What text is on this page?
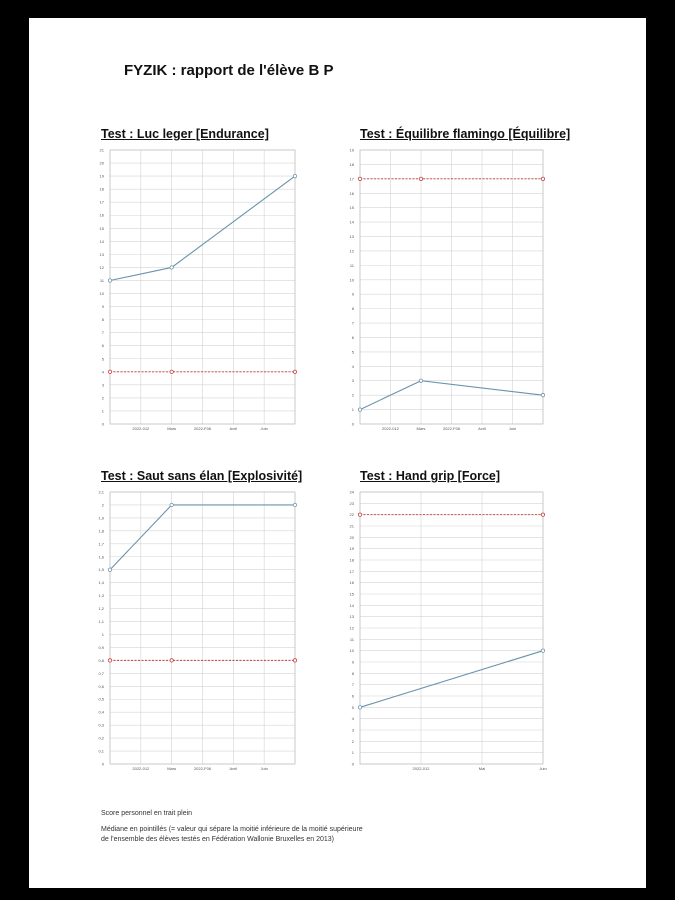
FYZIK : rapport de l'élève B P
Test : Luc leger [Endurance]	Test : Équilibre flamingo [Équilibre]
Test : Saut sans élan [Explosivité]	Test : Hand grip [Force]
0
1
2
3
4
5
6
7
8
9
10
11
12
13
14
15
16
17
18
19
20
21
2022-012	Mars	2022-F06	Avril	Juin
0
1
2
3
4
5
6
7
8
9
10
11
12
13
14
15
16
17
18
19
2022-012	Mars	2022-F06	Avril	Juin
0
0,1
0,2
0,3
0,4
0,5
0,6
0,7
0,8
0,9
1
1,1
1,2
1,3
1,4
1,5
1,6
1,7
1,8
1,9
2
2,1
2022-012	Mars	2022-F06	Avril	Juin
0
1
2
3
4
5
6
7
8
9
10
11
12
13
14
15
16
17
18
19
20
21
22
23
24
2022-012	Mai	Juin
Score personnel en trait plein
Médiane en pointillés (= valeur qui sépare la moitié inférieure de la moitié supérieure
de l'ensemble des élèves testés en Fédération Wallonie Bruxelles en 2013)
